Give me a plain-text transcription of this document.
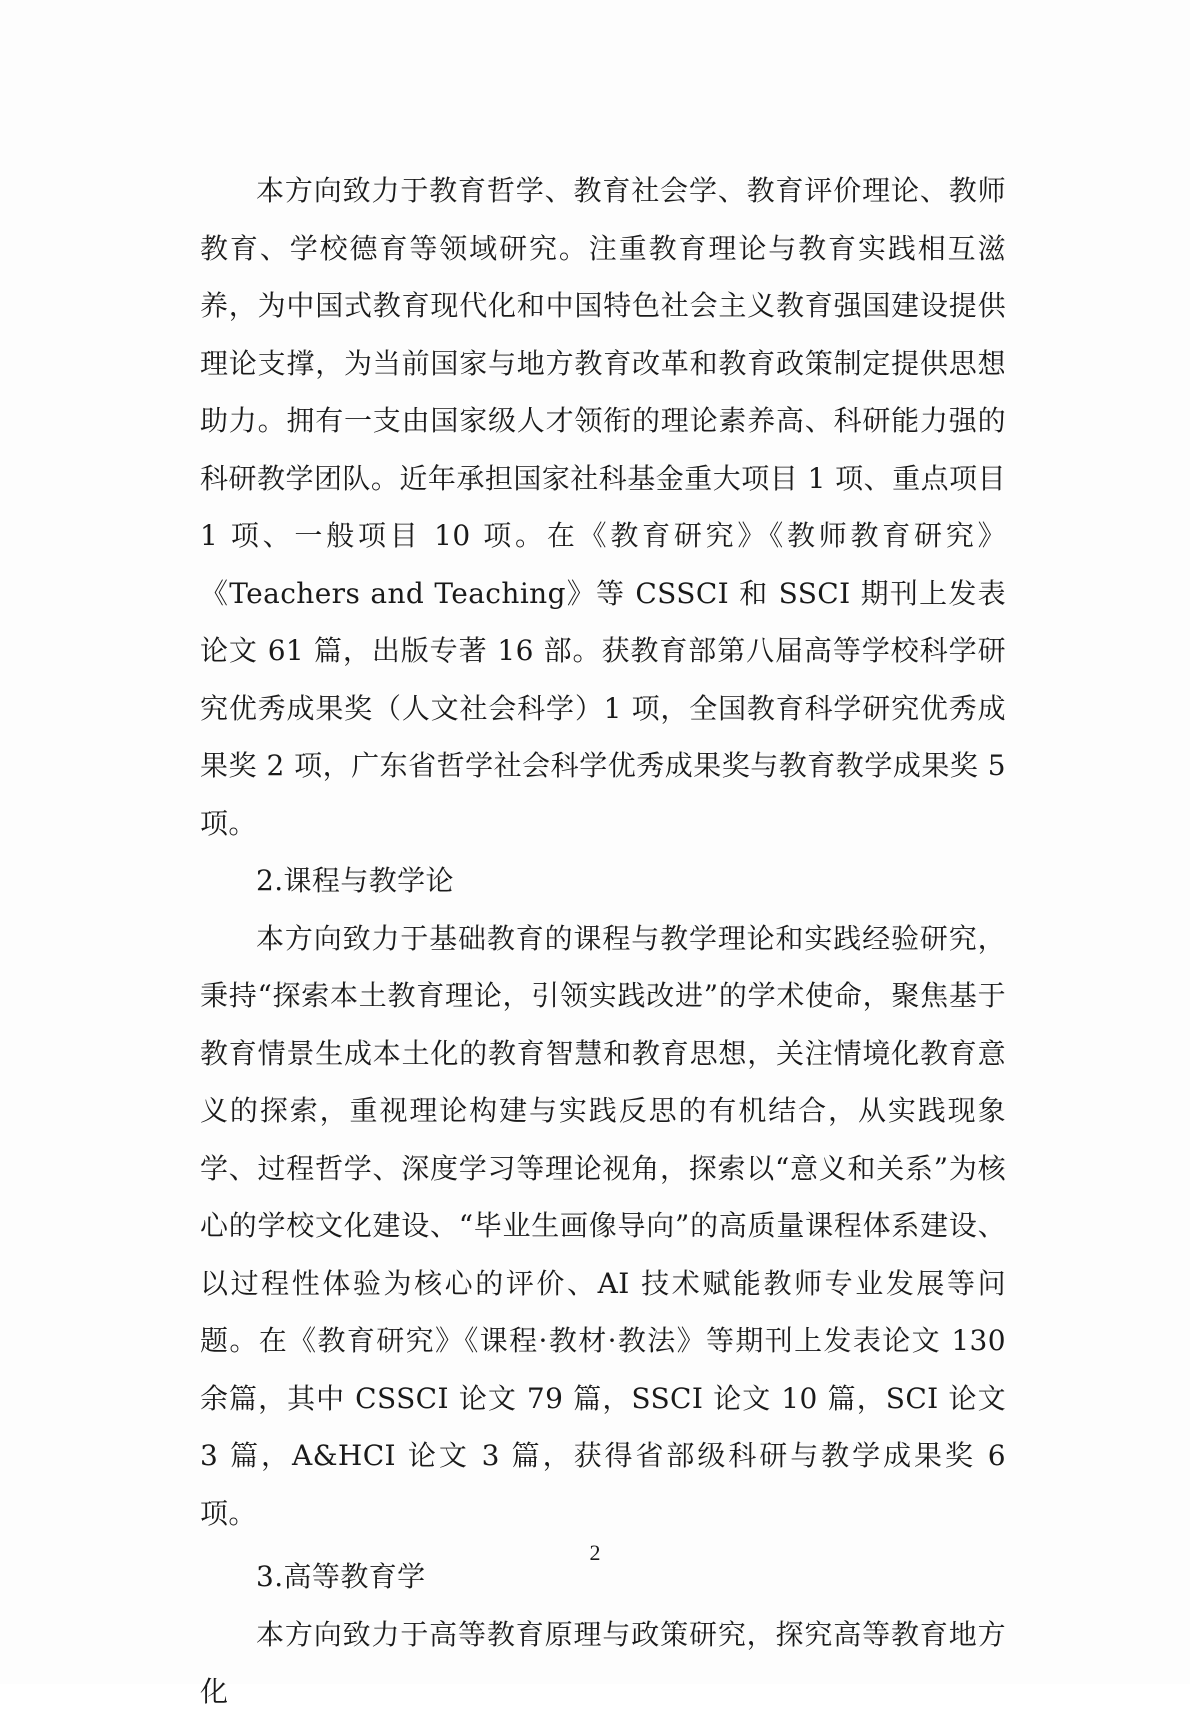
本方向致力于教育哲学、教育社会学、教育评价理论、教师教育、学校德育等领域研究。注重教育理论与教育实践相互滋养，为中国式教育现代化和中国特色社会主义教育强国建设提供理论支撑，为当前国家与地方教育改革和教育政策制定提供思想助力。拥有一支由国家级人才领衔的理论素养高、科研能力强的科研教学团队。近年承担国家社科基金重大项目 1 项、重点项目 1 项、一般项目 10 项。在《教育研究》《教师教育研究》《Teachers and Teaching》等 CSSCI 和 SSCI 期刊上发表论文 61 篇，出版专著 16 部。获教育部第八届高等学校科学研究优秀成果奖（人文社会科学）1 项，全国教育科学研究优秀成果奖 2 项，广东省哲学社会科学优秀成果奖与教育教学成果奖 5 项。

2.课程与教学论

本方向致力于基础教育的课程与教学理论和实践经验研究，秉持“探索本土教育理论，引领实践改进”的学术使命，聚焦基于教育情景生成本土化的教育智慧和教育思想，关注情境化教育意义的探索，重视理论构建与实践反思的有机结合，从实践现象学、过程哲学、深度学习等理论视角，探索以“意义和关系”为核心的学校文化建设、“毕业生画像导向”的高质量课程体系建设、以过程性体验为核心的评价、AI 技术赋能教师专业发展等问题。在《教育研究》《课程·教材·教法》等期刊上发表论文 130 余篇，其中 CSSCI 论文 79 篇，SSCI 论文 10 篇，SCI 论文 3 篇，A&HCI 论文 3 篇，获得省部级科研与教学成果奖 6 项。

3.高等教育学

本方向致力于高等教育原理与政策研究，探究高等教育地方化

2
